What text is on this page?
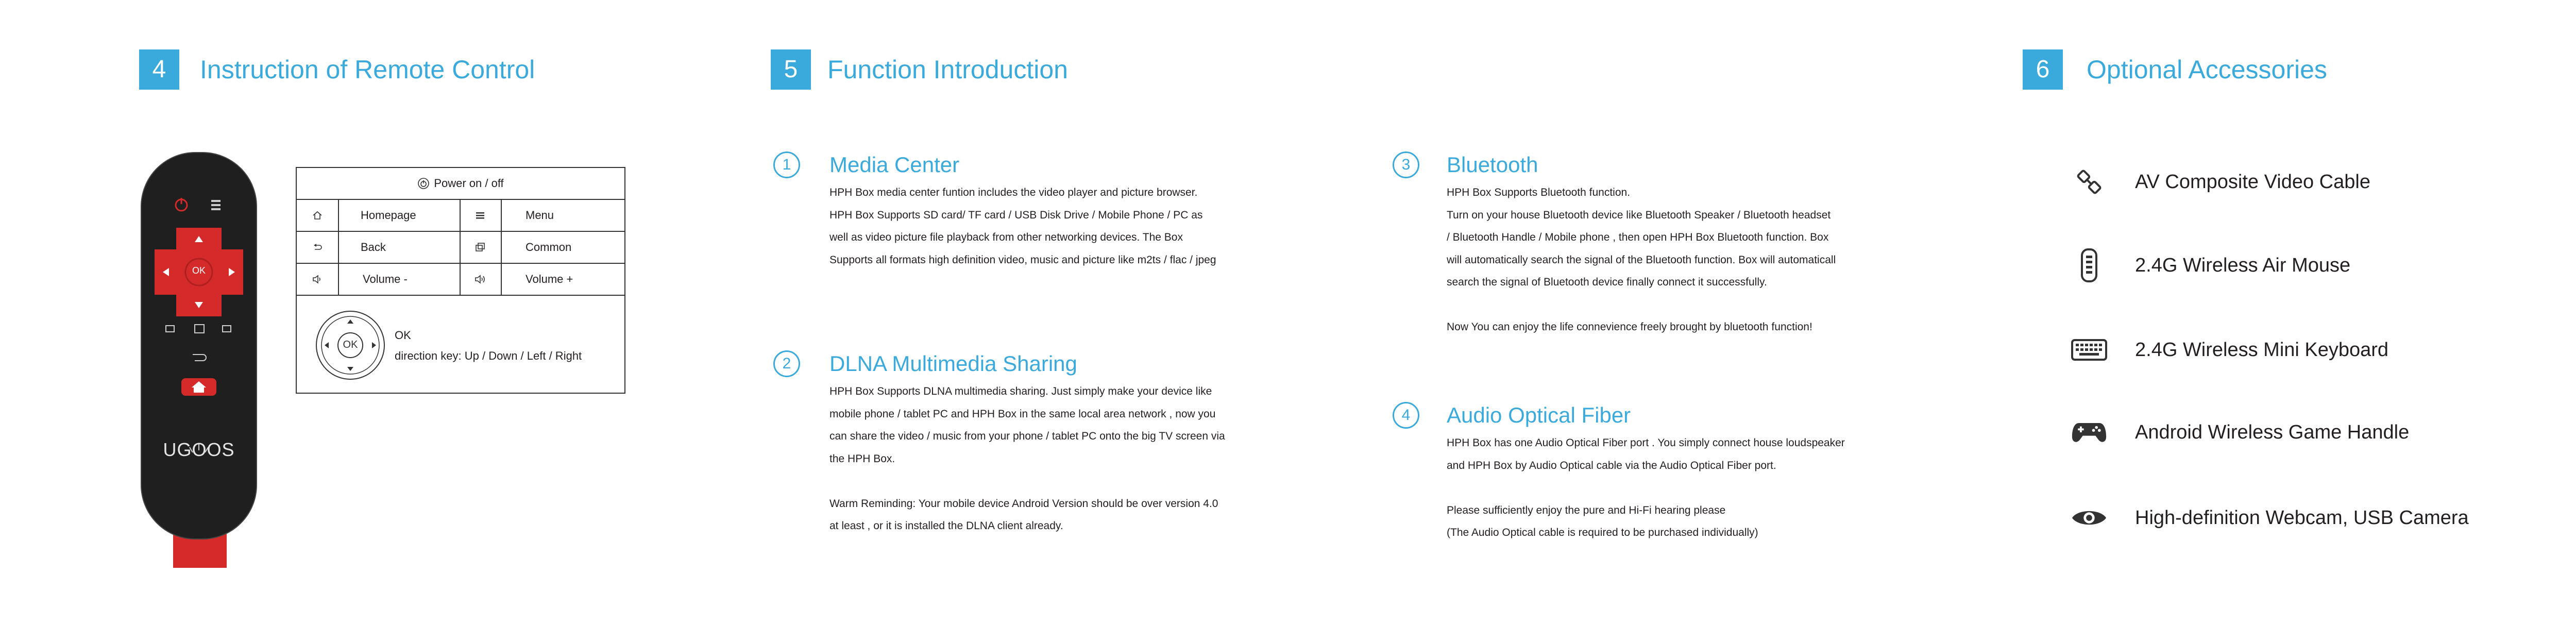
4	Instruction of Remote Control
UGOOS
OK
Power on / off
Homepage	Menu
Back	Common
Volume -	Volume +
OK
OK
direction key: Up / Down / Left / Right
5	Function Introduction
1	Media Center

HPH Box media center funtion includes the video player and picture browser.

HPH Box Supports SD card/ TF card / USB Disk Drive / Mobile Phone / PC as

well as video picture file playback from other networking devices. The Box

Supports all formats high definition video, music and picture like m2ts / flac / jpeg

2	DLNA Multimedia Sharing

HPH Box Supports DLNA multimedia sharing. Just simply make your device like

mobile phone / tablet PC and HPH Box in the same local area network , now you

can share the video / music from your phone / tablet PC onto the big TV screen via

the HPH Box.

Warm Reminding: Your mobile device Android Version should be over version 4.0

at least , or it is installed the DLNA client already.

3	Bluetooth

HPH Box Supports Bluetooth function.

Turn on your house Bluetooth device like Bluetooth Speaker / Bluetooth headset

/ Bluetooth Handle / Mobile phone , then open HPH Box Bluetooth function. Box

will automatically search the signal of the Bluetooth function. Box will automaticall

search the signal of Bluetooth device finally connect it successfully.

Now You can enjoy the life connevience freely brought by bluetooth function!

4	Audio Optical Fiber

HPH Box has one Audio Optical Fiber port . You simply connect house loudspeaker

and HPH Box by Audio Optical cable via the Audio Optical Fiber port.

Please sufficiently enjoy the pure and Hi-Fi hearing please

(The Audio Optical cable is required to be purchased individually)

6	Optional Accessories
AV Composite Video Cable
2.4G Wireless Air Mouse
2.4G Wireless Mini Keyboard
Android Wireless Game Handle
High-definition Webcam, USB Camera
